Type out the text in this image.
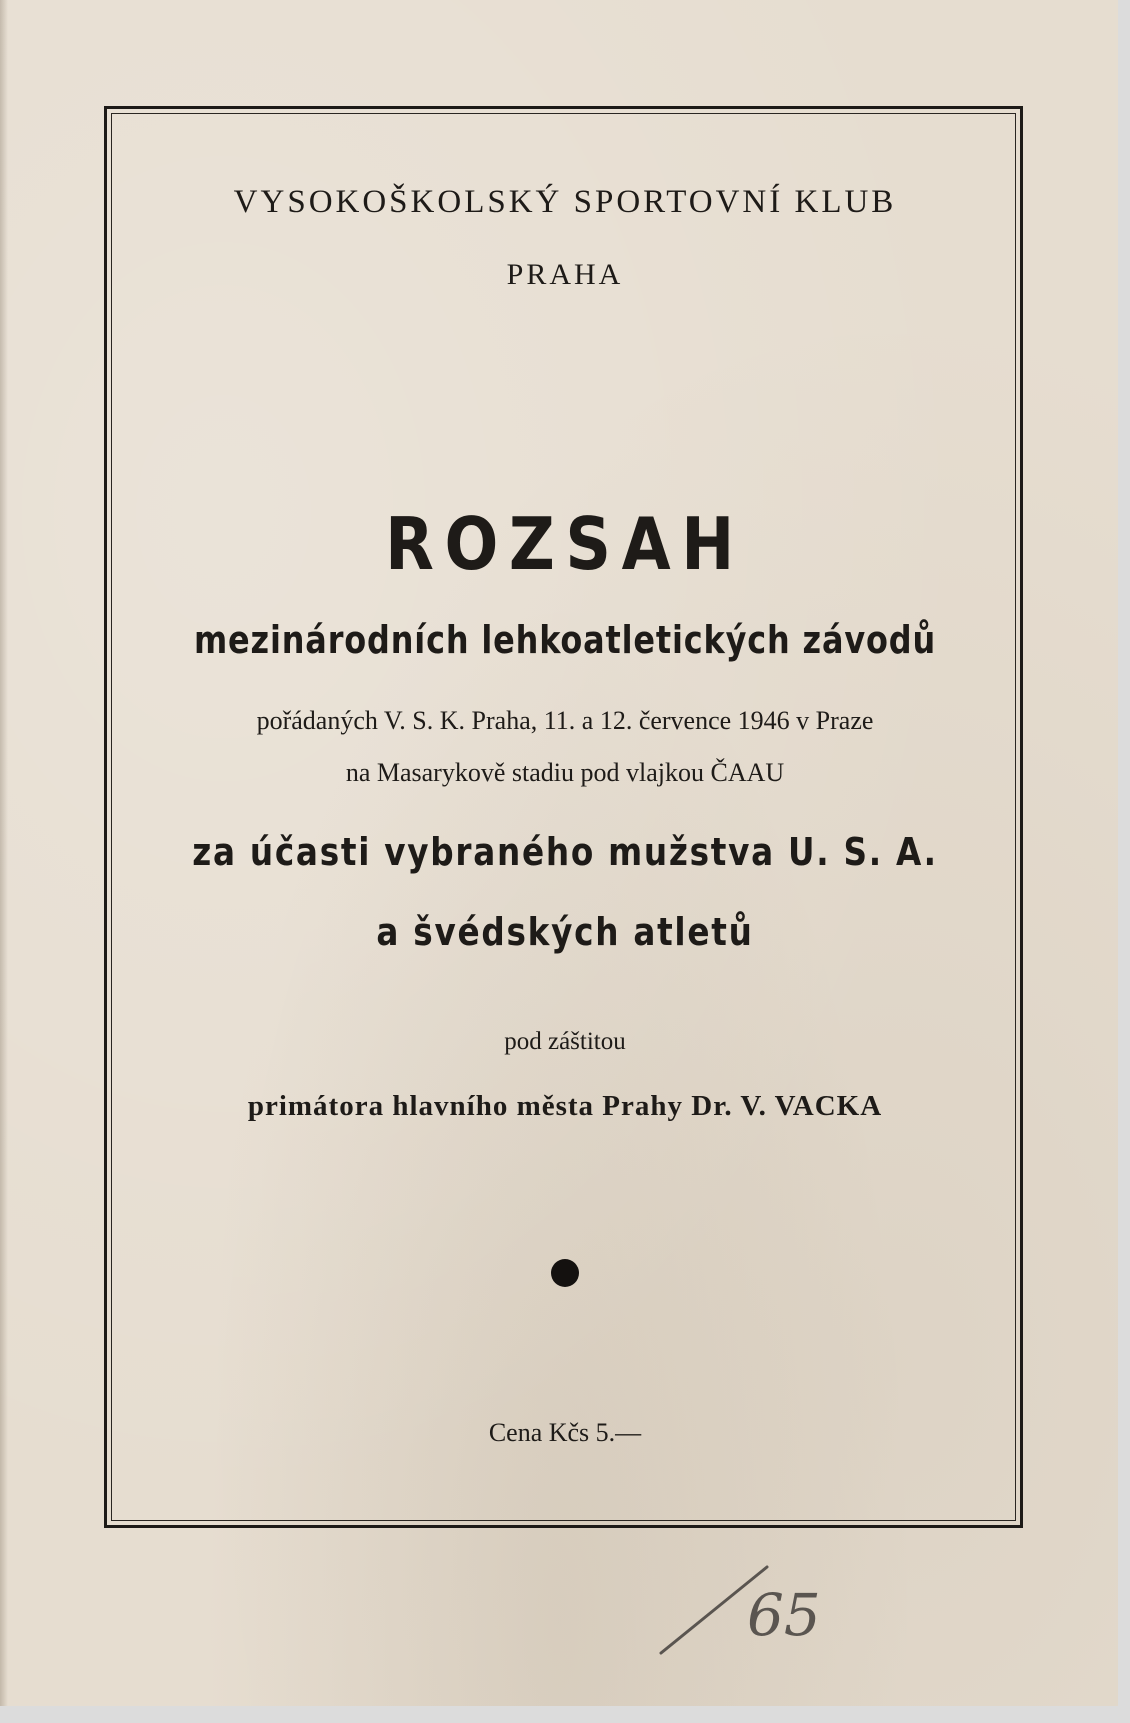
VYSOKOŠKOLSKÝ SPORTOVNÍ KLUB
PRAHA
ROZSAH
mezinárodních lehkoatletických závodů
pořádaných V. S. K. Praha, 11. a 12. července 1946 v Praze
na Masarykově stadiu pod vlajkou ČAAU
za účasti vybraného mužstva U. S. A.
a švédských atletů
pod záštitou
primátora hlavního města Prahy Dr. V. VACKA
Cena Kčs 5.—
65
